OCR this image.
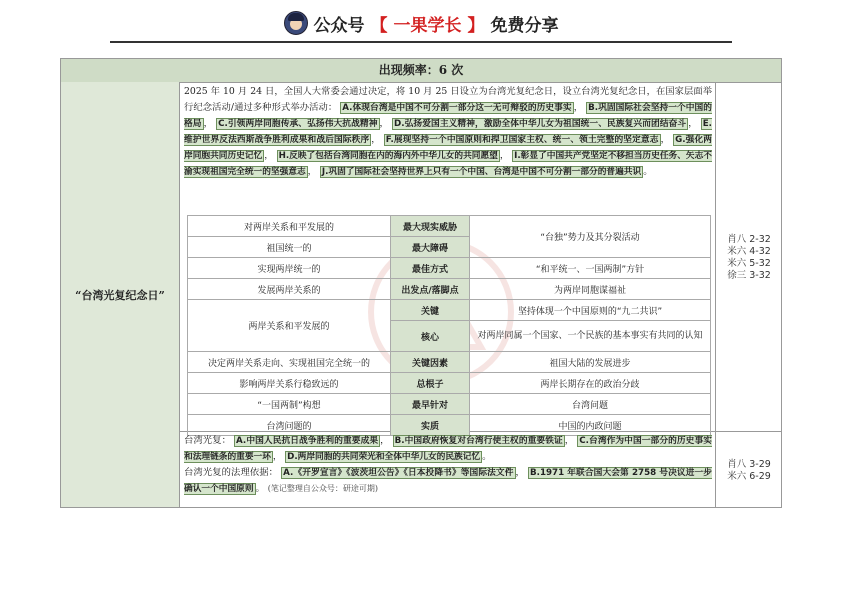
公众号 【 一果学长 】 免费分享
出现频率：6 次
“台湾光复纪念日”
2025 年 10 月 24 日，全国人大常委会通过决定，将 10 月 25 日设立为台湾光复纪念日，设立台湾光复纪念日，在国家层面举行纪念活动/通过多种形式举办活动： A.体现台湾是中国不可分割一部分这一无可辩驳的历史事实 ， B.巩固国际社会坚持一个中国的格局 ， C.引领两岸同胞传承、弘扬伟大抗战精神 ， D.弘扬爱国主义精神，激励全体中华儿女为祖国统一、民族复兴而团结奋斗 ， E.维护世界反法西斯战争胜利成果和战后国际秩序 ， F.展现坚持一个中国原则和捍卫国家主权、统一、领土完整的坚定意志 ， G.强化两岸同胞共同历史记忆 ， H.反映了包括台湾同胞在内的海内外中华儿女的共同愿望 ， I.彰显了中国共产党坚定不移担当历史任务、矢志不渝实现祖国完全统一的坚强意志 ， J.巩固了国际社会坚持世界上只有一个中国、台湾是中国不可分割一部分的普遍共识 。
对两岸关系和平发展的	最大现实威胁	“台独”势力及其分裂活动
祖国统一的	最大障碍	
实现两岸统一的	最佳方式	“和平统一、一国两制”方针
发展两岸关系的	出发点/落脚点	为两岸同胞谋福祉
两岸关系和平发展的	关键	坚持体现一个中国原则的“九二共识”
	核心	对两岸同属一个国家、一个民族的基本事实有共同的认知
决定两岸关系走向、实现祖国完全统一的	关键因素	祖国大陆的发展进步
影响两岸关系行稳致远的	总根子	两岸长期存在的政治分歧
“一国两制”构想	最早针对	台湾问题
台湾问题的	实质	中国的内政问题
肖八 2-32
米六 4-32
米六 5-32
徐三 3-32
台湾光复： A.中国人民抗日战争胜利的重要成果 ， B.中国政府恢复对台湾行使主权的重要铁证 ， C.台湾作为中国一部分的历史事实和法理链条的重要一环 ， D.两岸同胞的共同荣光和全体中华儿女的民族记忆 。
台湾光复的法理依据： A.《开罗宣言》《波茨坦公告》《日本投降书》等国际法文件 ， B.1971 年联合国大会第 2758 号决议进一步确认一个中国原则 。 (笔记整理自公众号：研途可期)
肖八 3-29
米六 6-29
